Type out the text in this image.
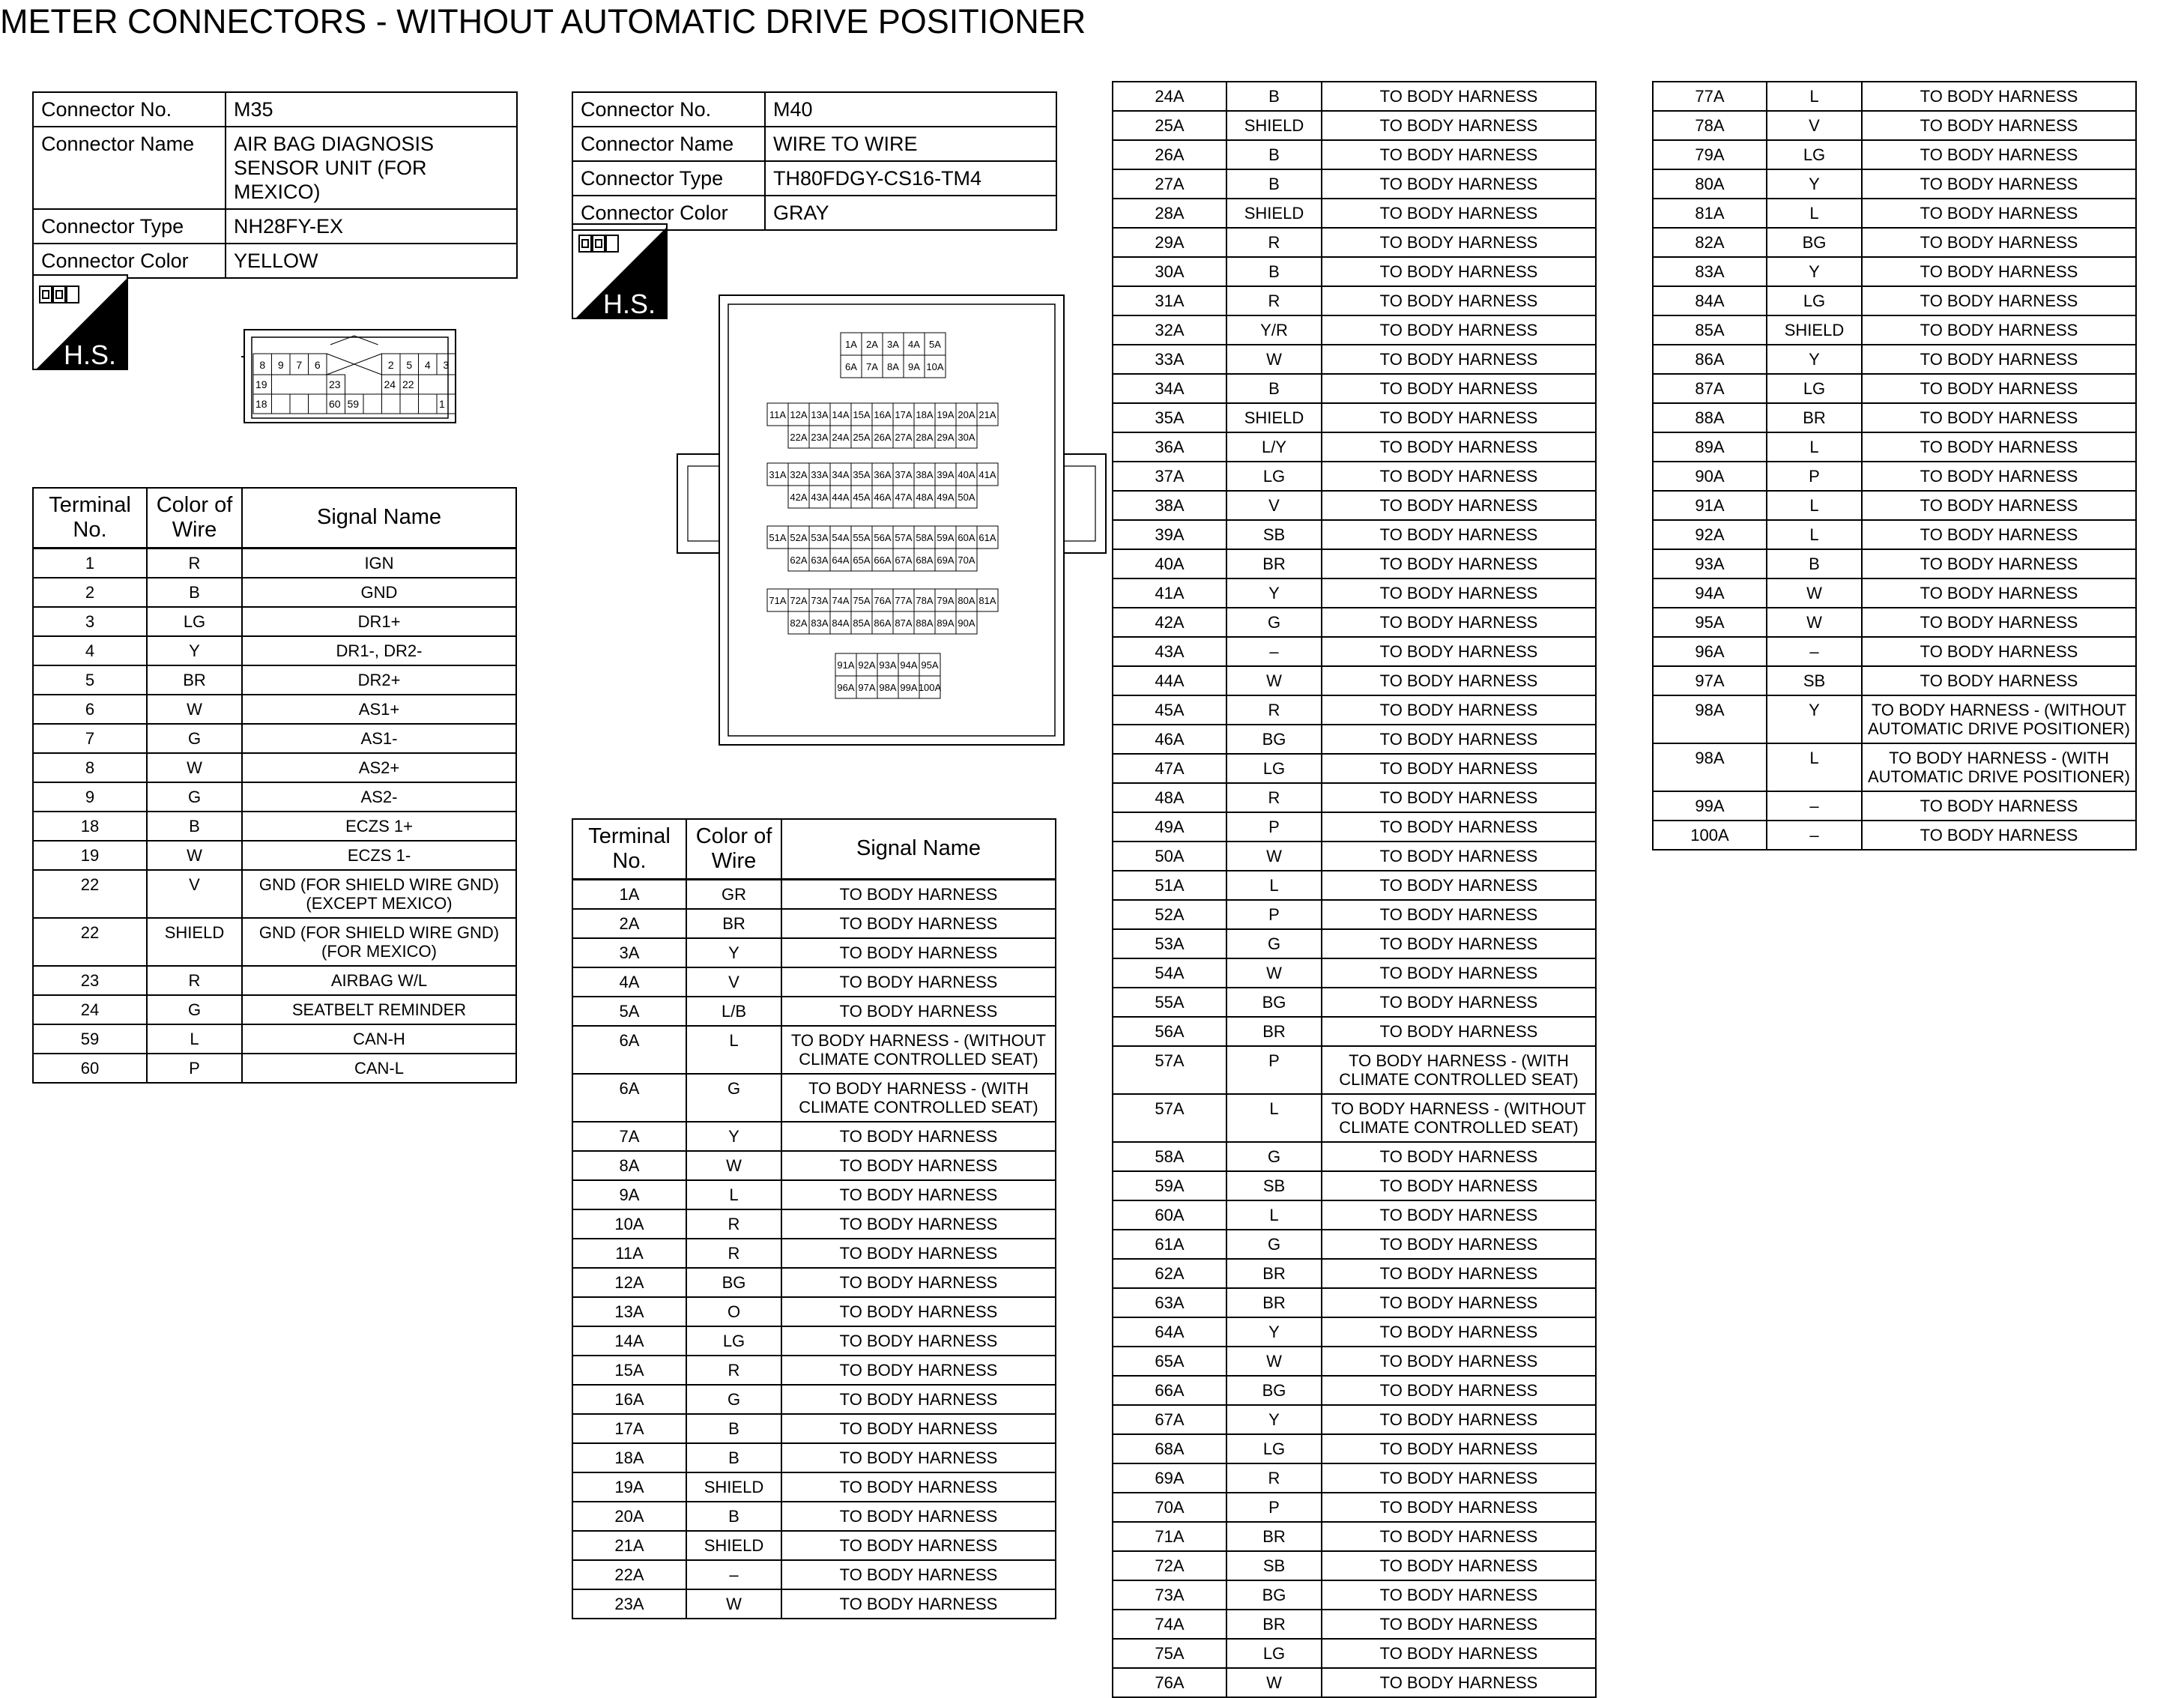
METER CONNECTORS - WITHOUT AUTOMATIC DRIVE POSITIONER
Connector No.	M35
Connector Name	AIR BAG DIAGNOSIS SENSOR UNIT (FOR MEXICO)
Connector Type	NH28FY-EX
Connector Color	YELLOW
H.S.
H.S.
8 9 7 6	2 5 4 3
19	23	24 22
18	60 59	1
Terminal No.	Color of Wire	Signal Name
1	R	IGN
2	B	GND
3	LG	DR1+
4	Y	DR1-, DR2-
5	BR	DR2+
6	W	AS1+
7	G	AS1-
8	W	AS2+
9	G	AS2-
18	B	ECZS 1+
19	W	ECZS 1-
22	V	GND (FOR SHIELD WIRE GND) (EXCEPT MEXICO)
22	SHIELD	GND (FOR SHIELD WIRE GND) (FOR MEXICO)
23	R	AIRBAG W/L
24	G	SEATBELT REMINDER
59	L	CAN-H
60	P	CAN-L
Connector No.	M40
Connector Name	WIRE TO WIRE
Connector Type	TH80FDGY-CS16-TM4
Connector Color	GRAY
1A 2A 3A 4A 5A
6A 7A 8A 9A 10A
11A 12A 13A 14A 15A 16A 17A 18A 19A 20A 21A
22A 23A 24A 25A 26A 27A 28A 29A 30A
31A 32A 33A 34A 35A 36A 37A 38A 39A 40A 41A
42A 43A 44A 45A 46A 47A 48A 49A 50A
51A 52A 53A 54A 55A 56A 57A 58A 59A 60A 61A
62A 63A 64A 65A 66A 67A 68A 69A 70A
71A 72A 73A 74A 75A 76A 77A 78A 79A 80A 81A
82A 83A 84A 85A 86A 87A 88A 89A 90A
91A 92A 93A 94A 95A
96A 97A 98A 99A 100A
Terminal No.	Color of Wire	Signal Name
1A	GR	TO BODY HARNESS
2A	BR	TO BODY HARNESS
3A	Y	TO BODY HARNESS
4A	V	TO BODY HARNESS
5A	L/B	TO BODY HARNESS
6A	L	TO BODY HARNESS - (WITHOUT CLIMATE CONTROLLED SEAT)
6A	G	TO BODY HARNESS - (WITH CLIMATE CONTROLLED SEAT)
7A	Y	TO BODY HARNESS
8A	W	TO BODY HARNESS
9A	L	TO BODY HARNESS
10A	R	TO BODY HARNESS
11A	R	TO BODY HARNESS
12A	BG	TO BODY HARNESS
13A	O	TO BODY HARNESS
14A	LG	TO BODY HARNESS
15A	R	TO BODY HARNESS
16A	G	TO BODY HARNESS
17A	B	TO BODY HARNESS
18A	B	TO BODY HARNESS
19A	SHIELD	TO BODY HARNESS
20A	B	TO BODY HARNESS
21A	SHIELD	TO BODY HARNESS
22A	–	TO BODY HARNESS
23A	W	TO BODY HARNESS
24A	B	TO BODY HARNESS
25A	SHIELD	TO BODY HARNESS
26A	B	TO BODY HARNESS
27A	B	TO BODY HARNESS
28A	SHIELD	TO BODY HARNESS
29A	R	TO BODY HARNESS
30A	B	TO BODY HARNESS
31A	R	TO BODY HARNESS
32A	Y/R	TO BODY HARNESS
33A	W	TO BODY HARNESS
34A	B	TO BODY HARNESS
35A	SHIELD	TO BODY HARNESS
36A	L/Y	TO BODY HARNESS
37A	LG	TO BODY HARNESS
38A	V	TO BODY HARNESS
39A	SB	TO BODY HARNESS
40A	BR	TO BODY HARNESS
41A	Y	TO BODY HARNESS
42A	G	TO BODY HARNESS
43A	–	TO BODY HARNESS
44A	W	TO BODY HARNESS
45A	R	TO BODY HARNESS
46A	BG	TO BODY HARNESS
47A	LG	TO BODY HARNESS
48A	R	TO BODY HARNESS
49A	P	TO BODY HARNESS
50A	W	TO BODY HARNESS
51A	L	TO BODY HARNESS
52A	P	TO BODY HARNESS
53A	G	TO BODY HARNESS
54A	W	TO BODY HARNESS
55A	BG	TO BODY HARNESS
56A	BR	TO BODY HARNESS
57A	P	TO BODY HARNESS - (WITH CLIMATE CONTROLLED SEAT)
57A	L	TO BODY HARNESS - (WITHOUT CLIMATE CONTROLLED SEAT)
58A	G	TO BODY HARNESS
59A	SB	TO BODY HARNESS
60A	L	TO BODY HARNESS
61A	G	TO BODY HARNESS
62A	BR	TO BODY HARNESS
63A	BR	TO BODY HARNESS
64A	Y	TO BODY HARNESS
65A	W	TO BODY HARNESS
66A	BG	TO BODY HARNESS
67A	Y	TO BODY HARNESS
68A	LG	TO BODY HARNESS
69A	R	TO BODY HARNESS
70A	P	TO BODY HARNESS
71A	BR	TO BODY HARNESS
72A	SB	TO BODY HARNESS
73A	BG	TO BODY HARNESS
74A	BR	TO BODY HARNESS
75A	LG	TO BODY HARNESS
76A	W	TO BODY HARNESS
77A	L	TO BODY HARNESS
78A	V	TO BODY HARNESS
79A	LG	TO BODY HARNESS
80A	Y	TO BODY HARNESS
81A	L	TO BODY HARNESS
82A	BG	TO BODY HARNESS
83A	Y	TO BODY HARNESS
84A	LG	TO BODY HARNESS
85A	SHIELD	TO BODY HARNESS
86A	Y	TO BODY HARNESS
87A	LG	TO BODY HARNESS
88A	BR	TO BODY HARNESS
89A	L	TO BODY HARNESS
90A	P	TO BODY HARNESS
91A	L	TO BODY HARNESS
92A	L	TO BODY HARNESS
93A	B	TO BODY HARNESS
94A	W	TO BODY HARNESS
95A	W	TO BODY HARNESS
96A	–	TO BODY HARNESS
97A	SB	TO BODY HARNESS
98A	Y	TO BODY HARNESS - (WITHOUT AUTOMATIC DRIVE POSITIONER)
98A	L	TO BODY HARNESS - (WITH AUTOMATIC DRIVE POSITIONER)
99A	–	TO BODY HARNESS
100A	–	TO BODY HARNESS
